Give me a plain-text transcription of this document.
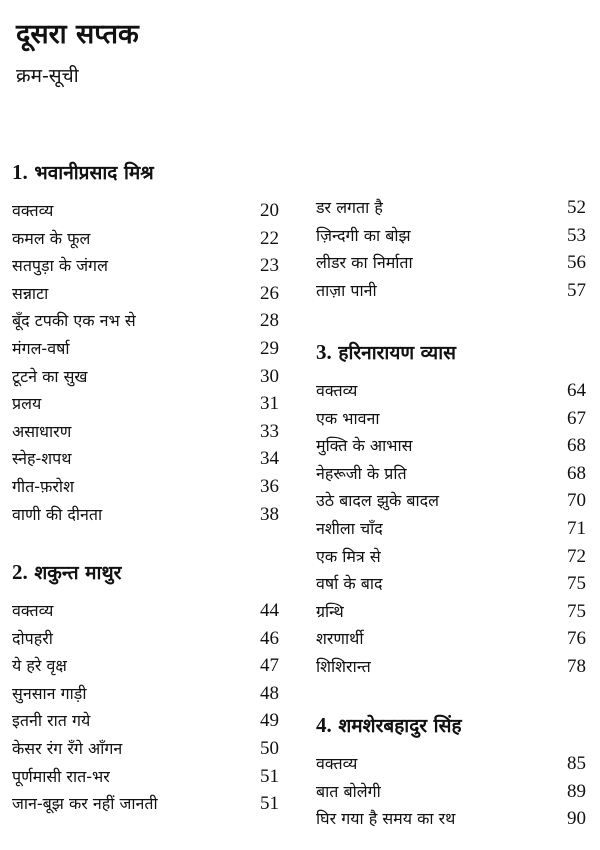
दूसरा सप्तक
क्रम-सूची
1. भवानीप्रसाद मिश्र
वक्तव्य	20
कमल के फूल	22
सतपुड़ा के जंगल	23
सन्नाटा	26
बूँद टपकी एक नभ से	28
मंगल-वर्षा	29
टूटने का सुख	30
प्रलय	31
असाधारण	33
स्नेह-शपथ	34
गीत-फ़रोश	36
वाणी की दीनता	38
2. शकुन्त माथुर
वक्तव्य	44
दोपहरी	46
ये हरे वृक्ष	47
सुनसान गाड़ी	48
इतनी रात गये	49
केसर रंग रँगे आँगन	50
पूर्णमासी रात-भर	51
जान-बूझ कर नहीं जानती	51
डर लगता है	52
ज़िन्दगी का बोझ	53
लीडर का निर्माता	56
ताज़ा पानी	57
3. हरिनारायण व्यास
वक्तव्य	64
एक भावना	67
मुक्ति के आभास	68
नेहरूजी के प्रति	68
उठे बादल झुके बादल	70
नशीला चाँद	71
एक मित्र से	72
वर्षा के बाद	75
ग्रन्थि	75
शरणार्थी	76
शिशिरान्त	78
4. शमशेरबहादुर सिंह
वक्तव्य	85
बात बोलेगी	89
घिर गया है समय का रथ	90
